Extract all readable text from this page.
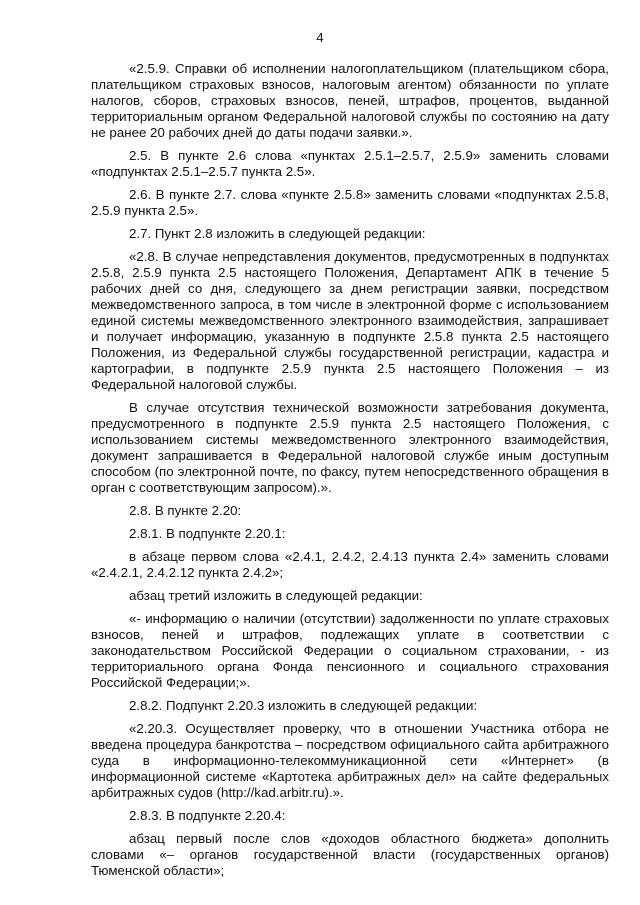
4

«2.5.9. Справки об исполнении налогоплательщиком (плательщиком сбора, плательщиком страховых взносов, налоговым агентом) обязанности по уплате налогов, сборов, страховых взносов, пеней, штрафов, процентов, выданной территориальным органом Федеральной налоговой службы по состоянию на дату не ранее 20 рабочих дней до даты подачи заявки.».

2.5. В пункте 2.6 слова «пунктах 2.5.1–2.5.7, 2.5.9» заменить словами «подпунктах 2.5.1–2.5.7 пункта 2.5».

2.6. В пункте 2.7. слова «пункте 2.5.8» заменить словами «подпунктах 2.5.8, 2.5.9 пункта 2.5».

2.7. Пункт 2.8 изложить в следующей редакции:

«2.8. В случае непредставления документов, предусмотренных в подпунктах 2.5.8, 2.5.9 пункта 2.5 настоящего Положения, Департамент АПК в течение 5 рабочих дней со дня, следующего за днем регистрации заявки, посредством межведомственного запроса, в том числе в электронной форме с использованием единой системы межведомственного электронного взаимодействия, запрашивает и получает информацию, указанную в подпункте 2.5.8 пункта 2.5 настоящего Положения, из Федеральной службы государственной регистрации, кадастра и картографии, в подпункте 2.5.9 пункта 2.5 настоящего Положения – из Федеральной налоговой службы.

В случае отсутствия технической возможности затребования документа, предусмотренного в подпункте 2.5.9 пункта 2.5 настоящего Положения, с использованием системы межведомственного электронного взаимодействия, документ запрашивается в Федеральной налоговой службе иным доступным способом (по электронной почте, по факсу, путем непосредственного обращения в орган с соответствующим запросом).».

2.8. В пункте 2.20:

2.8.1. В подпункте 2.20.1:

в абзаце первом слова «2.4.1, 2.4.2, 2.4.13 пункта 2.4» заменить словами «2.4.2.1, 2.4.2.12 пункта 2.4.2»;

абзац третий изложить в следующей редакции:

«- информацию о наличии (отсутствии) задолженности по уплате страховых взносов, пеней и штрафов, подлежащих уплате в соответствии с законодательством Российской Федерации о социальном страховании, - из территориального органа Фонда пенсионного и социального страхования Российской Федерации;».

2.8.2. Подпункт 2.20.3 изложить в следующей редакции:

«2.20.3. Осуществляет проверку, что в отношении Участника отбора не введена процедура банкротства – посредством официального сайта арбитражного суда в информационно-телекоммуникационной сети «Интернет» (в информационной системе «Картотека арбитражных дел» на сайте федеральных арбитражных судов (http://kad.arbitr.ru).».

2.8.3. В подпункте 2.20.4:

абзац первый после слов «доходов областного бюджета» дополнить словами «– органов государственной власти (государственных органов) Тюменской области»;
